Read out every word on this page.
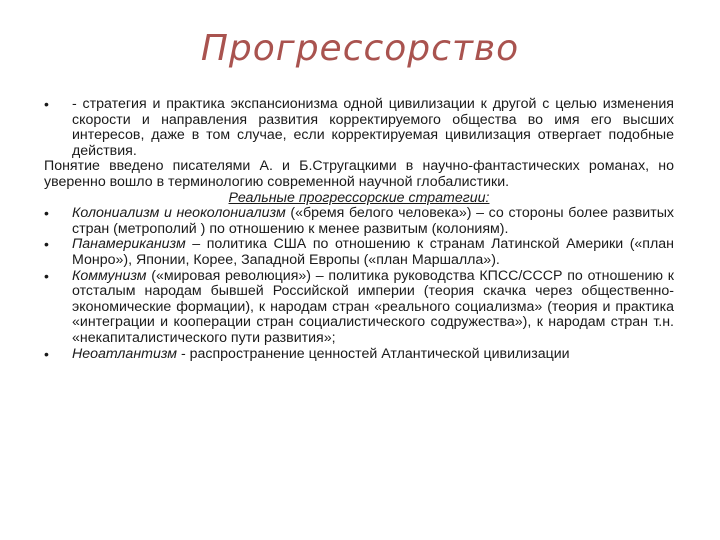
Прогрессорство
• - стратегия и практика экспансионизма одной цивилизации к другой с целью изменения скорости и направления развития корректируемого общества во имя его высших интересов, даже в том случае, если корректируемая цивилизация отвергает подобные действия.
Понятие введено писателями А. и Б.Стругацкими в научно-фантастических романах, но уверенно вошло в терминологию современной научной глобалистики.
Реальные прогрессорские стратегии:
• Колониализм и неоколониализм («бремя белого человека») – со стороны более развитых стран (метрополий ) по отношению к менее развитым (колониям).
• Панамериканизм – политика США по отношению к странам Латинской Америки («план Монро»), Японии, Корее, Западной Европы («план Маршалла»).
• Коммунизм («мировая революция») – политика руководства КПСС/СССР по отношению к отсталым народам бывшей Российской империи (теория скачка через общественно-экономические формации), к народам стран «реального социализма» (теория и практика «интеграции и кооперации стран социалистического содружества»), к народам стран т.н. «некапиталистического пути развития»;
• Неоатлантизм - распространение ценностей Атлантической цивилизации
